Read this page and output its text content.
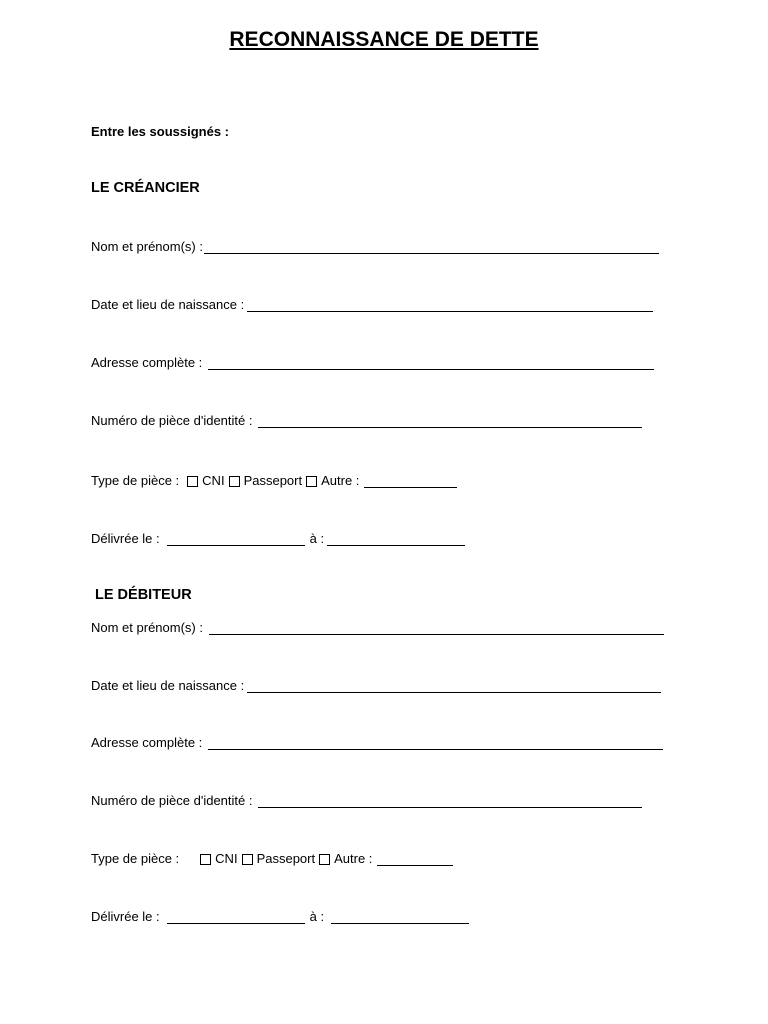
RECONNAISSANCE DE DETTE
Entre les soussignés :
LE CRÉANCIER
Nom et prénom(s) :
Date et lieu de naissance :
Adresse complète :
Numéro de pièce d'identité :
Type de pièce : CNI Passeport Autre :
Délivrée le :	à :
LE DÉBITEUR
Nom et prénom(s) :
Date et lieu de naissance :
Adresse complète :
Numéro de pièce d'identité :
Type de pièce :	CNI Passeport Autre :
Délivrée le :	à :
